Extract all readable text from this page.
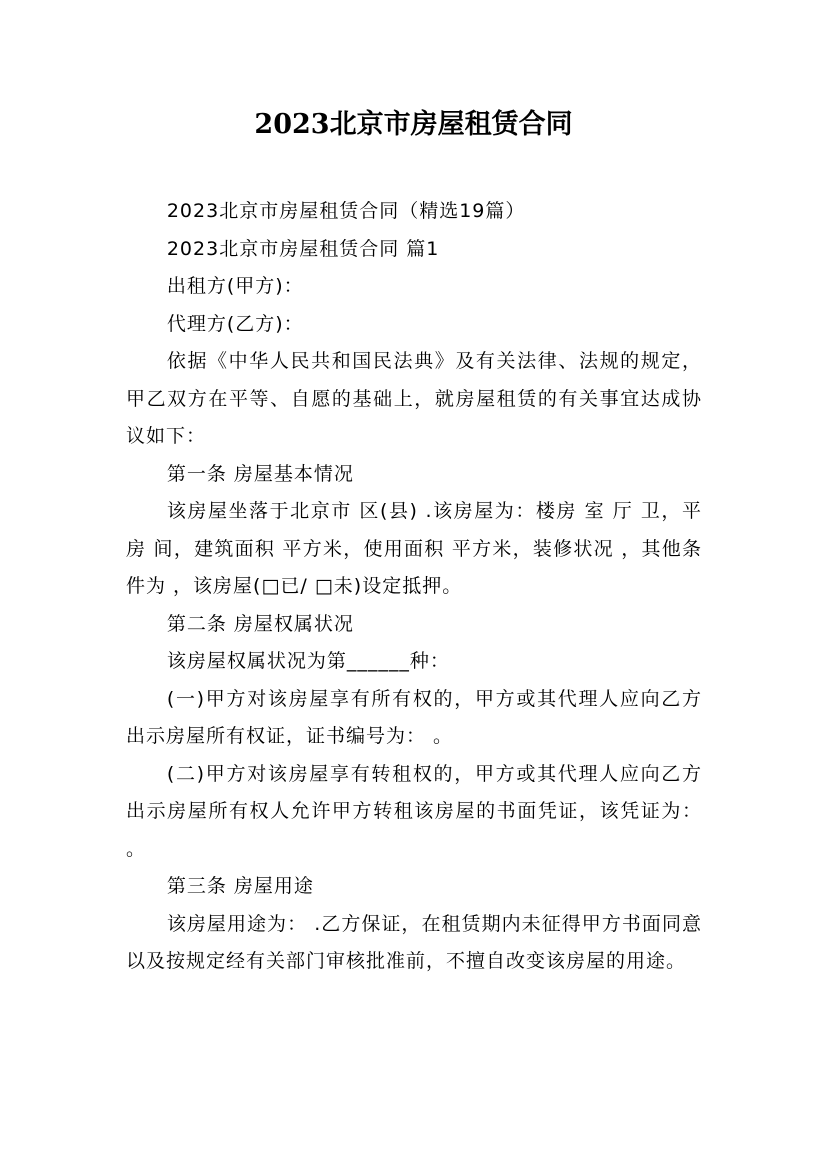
2023北京市房屋租赁合同

2023北京市房屋租赁合同（精选19篇）

2023北京市房屋租赁合同 篇1

出租方(甲方)：

代理方(乙方)：

依据《中华人民共和国民法典》及有关法律、法规的规定，甲乙双方在平等、自愿的基础上，就房屋租赁的有关事宜达成协议如下：

第一条 房屋基本情况

该房屋坐落于北京市 区(县) .该房屋为：楼房 室 厅 卫，平房 间，建筑面积 平方米，使用面积 平方米，装修状况 ，其他条件为 ，该房屋(□已/ □未)设定抵押。

第二条 房屋权属状况

该房屋权属状况为第______种：

(一)甲方对该房屋享有所有权的，甲方或其代理人应向乙方出示房屋所有权证，证书编号为： 。

(二)甲方对该房屋享有转租权的，甲方或其代理人应向乙方出示房屋所有权人允许甲方转租该房屋的书面凭证，该凭证为： 。

第三条 房屋用途

该房屋用途为： .乙方保证，在租赁期内未征得甲方书面同意以及按规定经有关部门审核批准前，不擅自改变该房屋的用途。
